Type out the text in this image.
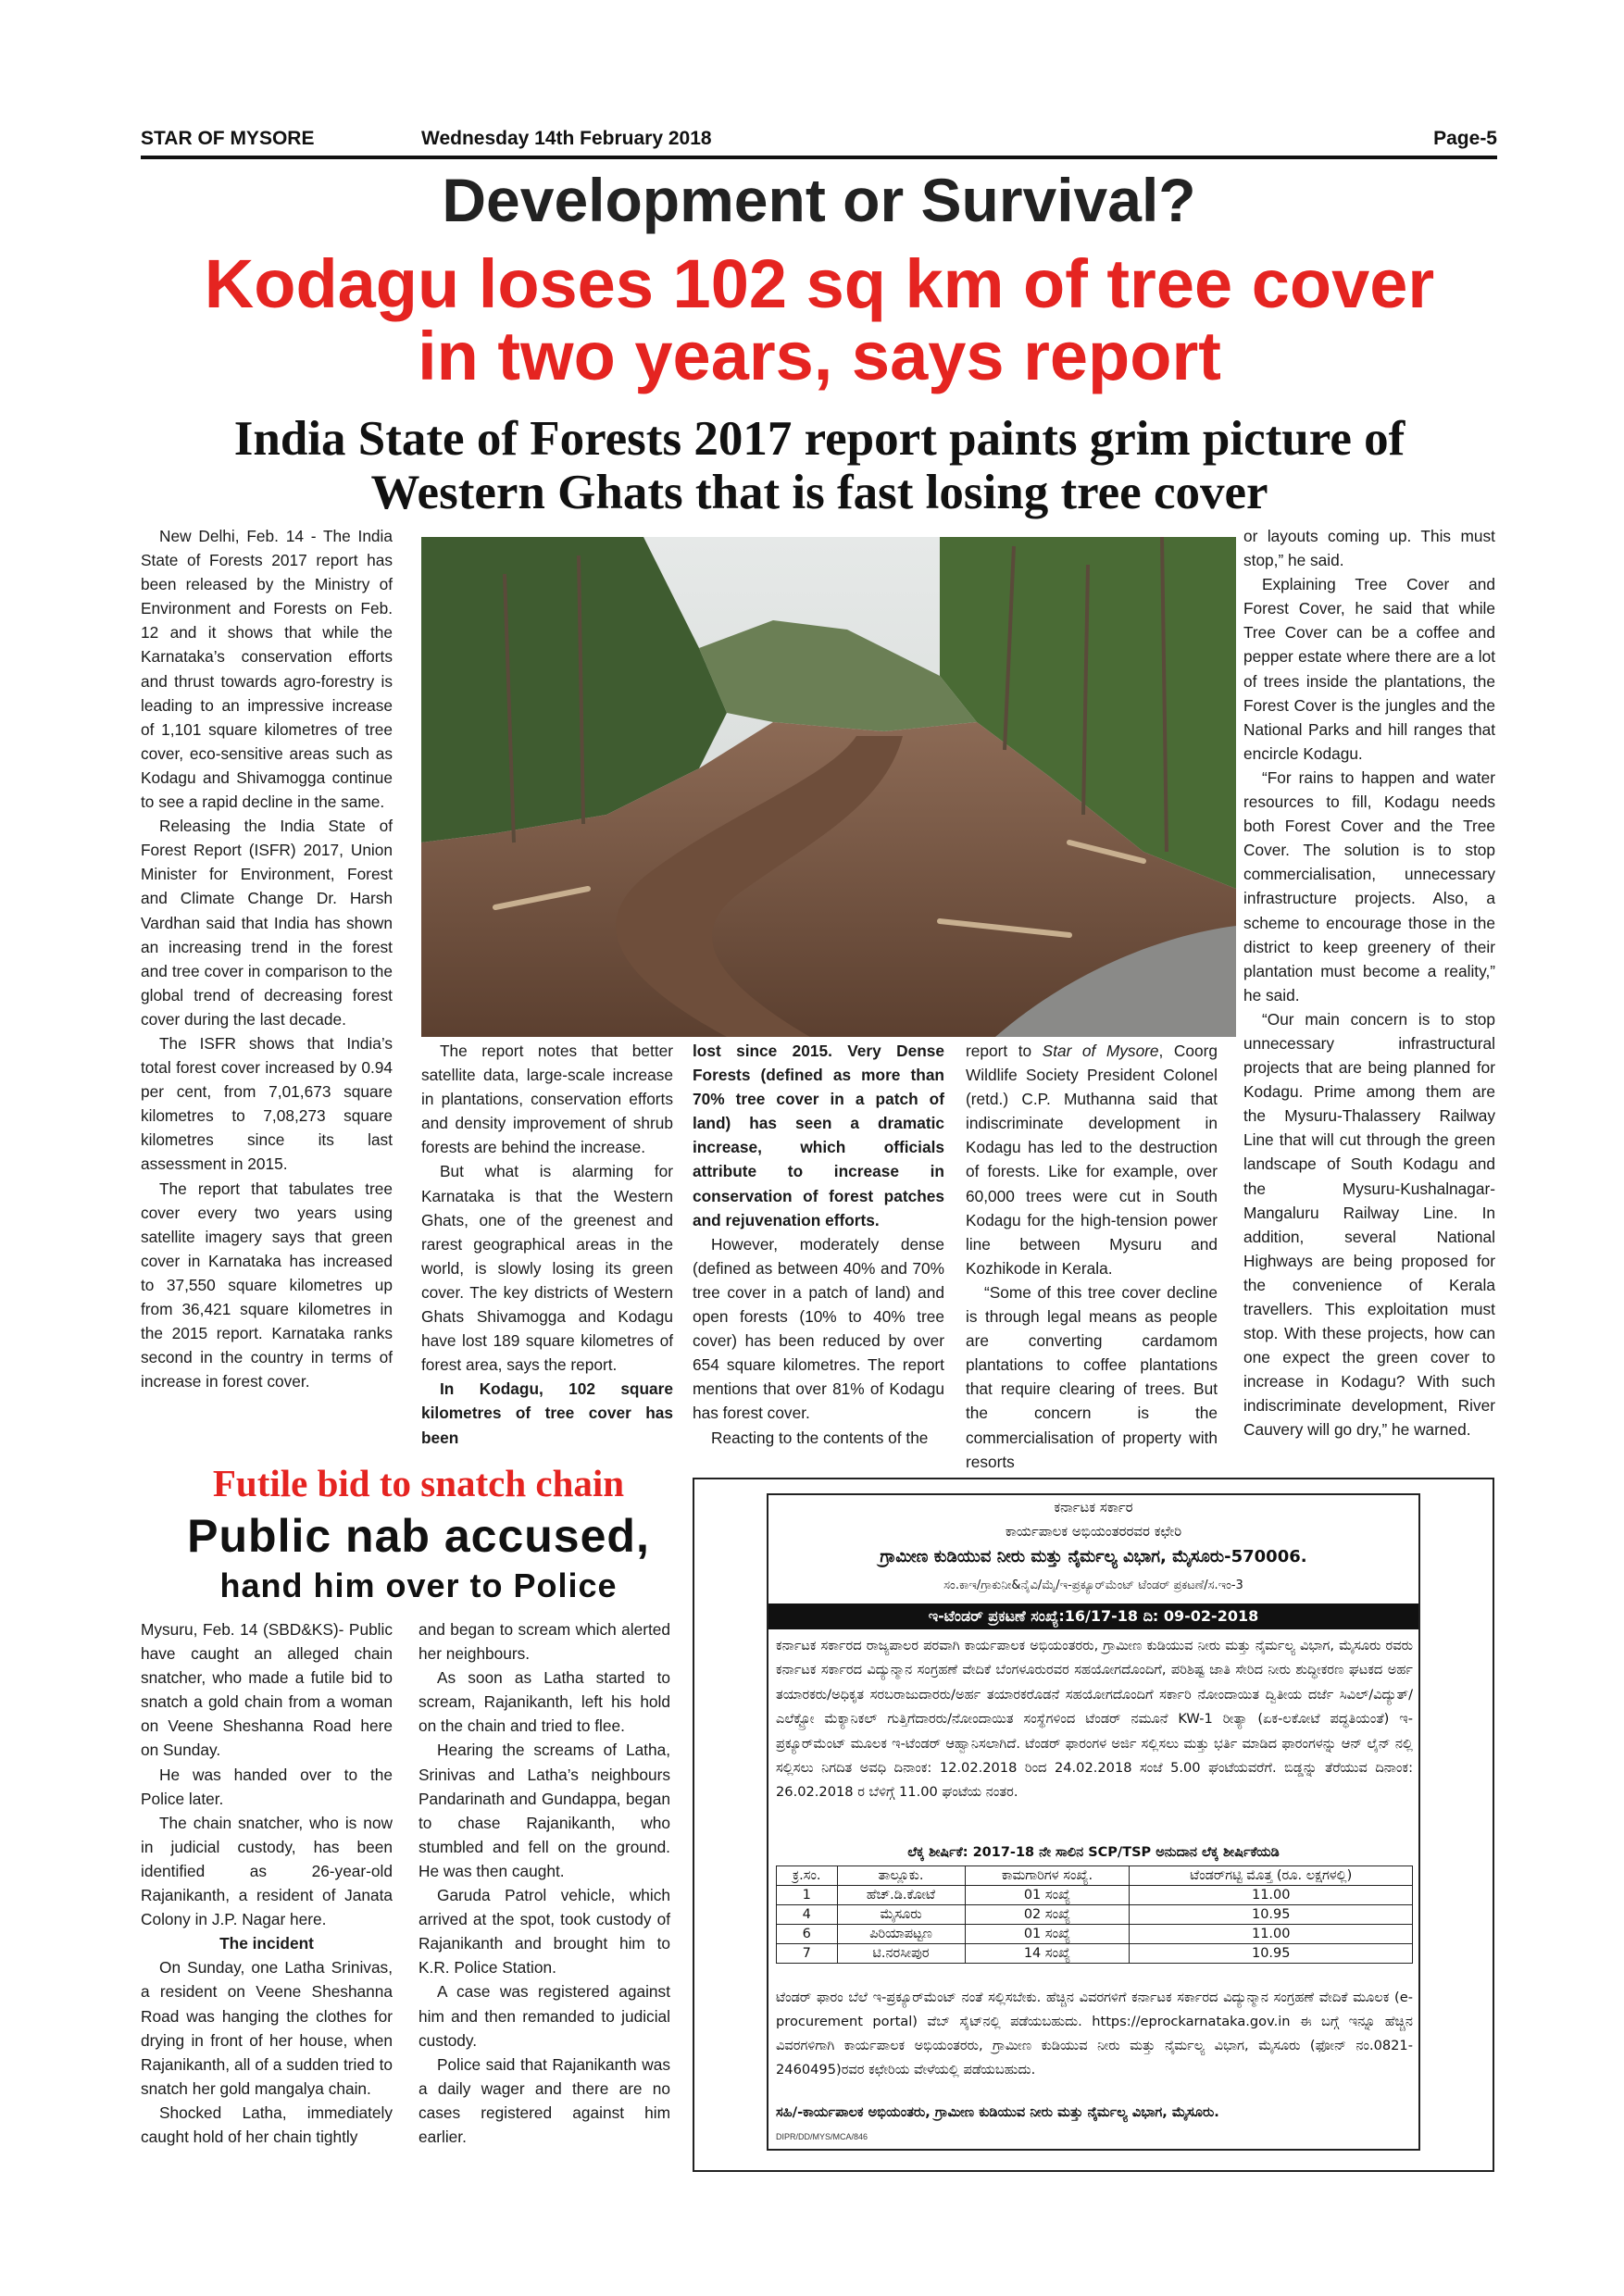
STAR OF MYSORE	Wednesday 14th February 2018	Page-5
Development or Survival?
Kodagu loses 102 sq km of tree cover
in two years, says report
India State of Forests 2017 report paints grim picture of
Western Ghats that is fast losing tree cover

New Delhi, Feb. 14 - The India State of Forests 2017 report has been released by the Ministry of Environment and Forests on Feb. 12 and it shows that while the Karnataka’s conservation efforts and thrust towards agro-forestry is leading to an impressive increase of 1,101 square kilometres of tree cover, eco-sensitive areas such as Kodagu and Shivamogga continue to see a rapid decline in the same.

Releasing the India State of Forest Report (ISFR) 2017, Union Minister for Environment, Forest and Climate Change Dr. Harsh Vardhan said that India has shown an increasing trend in the forest and tree cover in comparison to the global trend of decreasing forest cover during the last decade.

The ISFR shows that India’s total forest cover increased by 0.94 per cent, from 7,01,673 square kilometres to 7,08,273 square kilometres since its last assessment in 2015.

The report that tabulates tree cover every two years using satellite imagery says that green cover in Karnataka has increased to 37,550 square kilometres up from 36,421 square kilometres in the 2015 report. Karnataka ranks second in the country in terms of increase in forest cover.

The report notes that better satellite data, large-scale increase in plantations, conservation efforts and density improvement of shrub forests are behind the increase.

But what is alarming for Karnataka is that the Western Ghats, one of the greenest and rarest geographical areas in the world, is slowly losing its green cover. The key districts of Western Ghats Shivamogga and Kodagu have lost 189 square kilometres of forest area, says the report.

In Kodagu, 102 square kilometres of tree cover has been

lost since 2015. Very Dense Forests (defined as more than 70% tree cover in a patch of land) has seen a dramatic increase, which officials attribute to increase in conservation of forest patches and rejuvenation efforts.

However, moderately dense (defined as between 40% and 70% tree cover in a patch of land) and open forests (10% to 40% tree cover) has been reduced by over 654 square kilometres. The report mentions that over 81% of Kodagu has forest cover.

Reacting to the contents of the

report to Star of Mysore, Coorg Wildlife Society President Colonel (retd.) C.P. Muthanna said that indiscriminate development in Kodagu has led to the destruction of forests. Like for example, over 60,000 trees were cut in South Kodagu for the high-tension power line between Mysuru and Kozhikode in Kerala.

“Some of this tree cover decline is through legal means as people are converting cardamom plantations to coffee plantations that require clearing of trees. But the concern is the commercialisation of property with resorts

or layouts coming up. This must stop,” he said.

Explaining Tree Cover and Forest Cover, he said that while Tree Cover can be a coffee and pepper estate where there are a lot of trees inside the plantations, the Forest Cover is the jungles and the National Parks and hill ranges that encircle Kodagu.

“For rains to happen and water resources to fill, Kodagu needs both Forest Cover and the Tree Cover. The solution is to stop commercialisation, unnecessary infrastructure projects. Also, a scheme to encourage those in the district to keep greenery of their plantation must become a reality,” he said.

“Our main concern is to stop unnecessary infrastructural projects that are being planned for Kodagu. Prime among them are the Mysuru-Thalassery Railway Line that will cut through the green landscape of South Kodagu and the Mysuru-Kushalnagar-Mangaluru Railway Line. In addition, several National Highways are being proposed for the convenience of Kerala travellers. This exploitation must stop. With these projects, how can one expect the green cover to increase in Kodagu? With such indiscriminate development, River Cauvery will go dry,” he warned.

Futile bid to snatch chain
Public nab accused,
hand him over to Police

Mysuru, Feb. 14 (SBD&KS)- Public have caught an alleged chain snatcher, who made a futile bid to snatch a gold chain from a woman on Veene Sheshanna Road here on Sunday.

He was handed over to the Police later.

The chain snatcher, who is now in judicial custody, has been identified as 26-year-old Rajanikanth, a resident of Janata Colony in J.P. Nagar here.

The incident

On Sunday, one Latha Srinivas, a resident on Veene Sheshanna Road was hanging the clothes for drying in front of her house, when Rajanikanth, all of a sudden tried to snatch her gold mangalya chain.

Shocked Latha, immediately caught hold of her chain tightly

and began to scream which alerted her neighbours.

As soon as Latha started to scream, Rajanikanth, left his hold on the chain and tried to flee.

Hearing the screams of Latha, Srinivas and Latha’s neighbours Pandarinath and Gundappa, began to chase Rajanikanth, who stumbled and fell on the ground. He was then caught.

Garuda Patrol vehicle, which arrived at the spot, took custody of Rajanikanth and brought him to K.R. Police Station.

A case was registered against him and then remanded to judicial custody.

Police said that Rajanikanth was a daily wager and there are no cases registered against him earlier.

ಕರ್ನಾಟಕ ಸರ್ಕಾರ
ಕಾರ್ಯಪಾಲಕ ಅಭಿಯಂತರರವರ ಕಛೇರಿ
ಗ್ರಾಮೀಣ ಕುಡಿಯುವ ನೀರು ಮತ್ತು ನೈರ್ಮಲ್ಯ ವಿಭಾಗ, ಮೈಸೂರು-570006.
ಸಂ.ಕಾಇ/ಗ್ರಾಕುನೀ&ನೈವಿ/ಮೈ/ಇ-ಪ್ರಕ್ಯೂರ್‌ಮೆಂಟ್ ಟೆಂಡರ್ ಪ್ರಕಟಣೆ/ಸ.ಇಂ-3
ಇ-ಟೆಂಡರ್ ಪ್ರಕಟಣೆ ಸಂಖ್ಯೆ:16/17-18 ದಿ: 09-02-2018
ಕರ್ನಾಟಕ ಸರ್ಕಾರದ ರಾಜ್ಯಪಾಲರ ಪರವಾಗಿ ಕಾರ್ಯಪಾಲಕ ಅಭಿಯಂತರರು, ಗ್ರಾಮೀಣ ಕುಡಿಯುವ ನೀರು ಮತ್ತು ನೈರ್ಮಲ್ಯ ವಿಭಾಗ, ಮೈಸೂರು ರವರು ಕರ್ನಾಟಕ ಸರ್ಕಾರದ ವಿದ್ಯುನ್ಮಾನ ಸಂಗ್ರಹಣೆ ವೇದಿಕೆ ಬೆಂಗಳೂರುರವರ ಸಹಯೋಗದೊಂದಿಗೆ, ಪರಿಶಿಷ್ಟ ಜಾತಿ ಸೇರಿದ ನೀರು ಶುದ್ಧೀಕರಣ ಘಟಕದ ಅರ್ಹ ತಯಾರಕರು/ಅಧಿಕೃತ ಸರಬರಾಜುದಾರರು/ಅರ್ಹ ತಯಾರಕರೊಡನೆ ಸಹಯೋಗದೊಂದಿಗೆ ಸರ್ಕಾರಿ ನೋಂದಾಯಿತ ದ್ವಿತೀಯ ದರ್ಜೆ ಸಿವಿಲ್/ವಿದ್ಯುತ್/ಎಲೆಕ್ಟ್ರೋ ಮೆಕ್ಯಾನಿಕಲ್ ಗುತ್ತಿಗೆದಾರರು/ನೋಂದಾಯಿತ ಸಂಸ್ಥೆಗಳಿಂದ ಟೆಂಡರ್ ನಮೂನೆ KW-1 ರೀತ್ಯಾ (ಏಕ-ಲಕೋಟೆ ಪದ್ಧತಿಯಂತೆ) ಇ-ಪ್ರಕ್ಯೂರ್‌ಮೆಂಟ್ ಮೂಲಕ ಇ-ಟೆಂಡರ್ ಆಹ್ವಾನಿಸಲಾಗಿದೆ. ಟೆಂಡರ್ ಫಾರಂಗಳ ಅರ್ಜಿ ಸಲ್ಲಿಸಲು ಮತ್ತು ಭರ್ತಿ ಮಾಡಿದ ಫಾರಂಗಳನ್ನು ಆನ್ ಲೈನ್ ನಲ್ಲಿ ಸಲ್ಲಿಸಲು ನಿಗದಿತ ಅವಧಿ ದಿನಾಂಕ: 12.02.2018 ರಿಂದ 24.02.2018 ಸಂಜೆ 5.00 ಘಂಟೆಯವರೆಗೆ. ಬಿಡ್ಡನ್ನು ತೆರೆಯುವ ದಿನಾಂಕ: 26.02.2018 ರ ಬೆಳಿಗ್ಗೆ 11.00 ಘಂಟೆಯ ನಂತರ.
ಲೆಕ್ಕ ಶೀರ್ಷಿಕೆ: 2017-18 ನೇ ಸಾಲಿನ SCP/TSP ಅನುದಾನ ಲೆಕ್ಕ ಶೀರ್ಷಿಕೆಯಡಿ
ಕ್ರ.ಸಂ.	ತಾಲ್ಲೂಕು.	ಕಾಮಗಾರಿಗಳ ಸಂಖ್ಯೆ.	ಟೆಂಡರ್‌ಗಟ್ಟಿ ಮೊತ್ತ (ರೂ. ಲಕ್ಷಗಳಲ್ಲಿ)
1	ಹೆಚ್.ಡಿ.ಕೋಟೆ	01 ಸಂಖ್ಯೆ	11.00
4	ಮೈಸೂರು	02 ಸಂಖ್ಯೆ	10.95
6	ಪಿರಿಯಾಪಟ್ಟಣ	01 ಸಂಖ್ಯೆ	11.00
7	ಟಿ.ನರಸೀಪುರ	14 ಸಂಖ್ಯೆ	10.95
ಟೆಂಡರ್ ಫಾರಂ ಬೆಲೆ ಇ-ಪ್ರಕ್ಯೂರ್‌ಮೆಂಟ್ ನಂತೆ ಸಲ್ಲಿಸಬೇಕು. ಹೆಚ್ಚಿನ ವಿವರಗಳಿಗೆ ಕರ್ನಾಟಕ ಸರ್ಕಾರದ ವಿದ್ಯುನ್ಮಾನ ಸಂಗ್ರಹಣೆ ವೇದಿಕೆ ಮೂಲಕ (e-procurement portal) ವೆಬ್ ಸೈಟ್‌ನಲ್ಲಿ ಪಡೆಯಬಹುದು. https://eprockarnataka.gov.in ಈ ಬಗ್ಗೆ ಇನ್ನೂ ಹೆಚ್ಚಿನ ವಿವರಗಳಿಗಾಗಿ ಕಾರ್ಯಪಾಲಕ ಅಭಿಯಂತರರು, ಗ್ರಾಮೀಣ ಕುಡಿಯುವ ನೀರು ಮತ್ತು ನೈರ್ಮಲ್ಯ ವಿಭಾಗ, ಮೈಸೂರು (ಫೋನ್ ನಂ.0821-2460495)ರವರ ಕಛೇರಿಯ ವೇಳೆಯಲ್ಲಿ ಪಡೆಯಬಹುದು.
ಸಹಿ/-ಕಾರ್ಯಪಾಲಕ ಅಭಿಯಂತರು, ಗ್ರಾಮೀಣ ಕುಡಿಯುವ ನೀರು ಮತ್ತು ನೈರ್ಮಲ್ಯ ವಿಭಾಗ, ಮೈಸೂರು.
DIPR/DD/MYS/MCA/846
